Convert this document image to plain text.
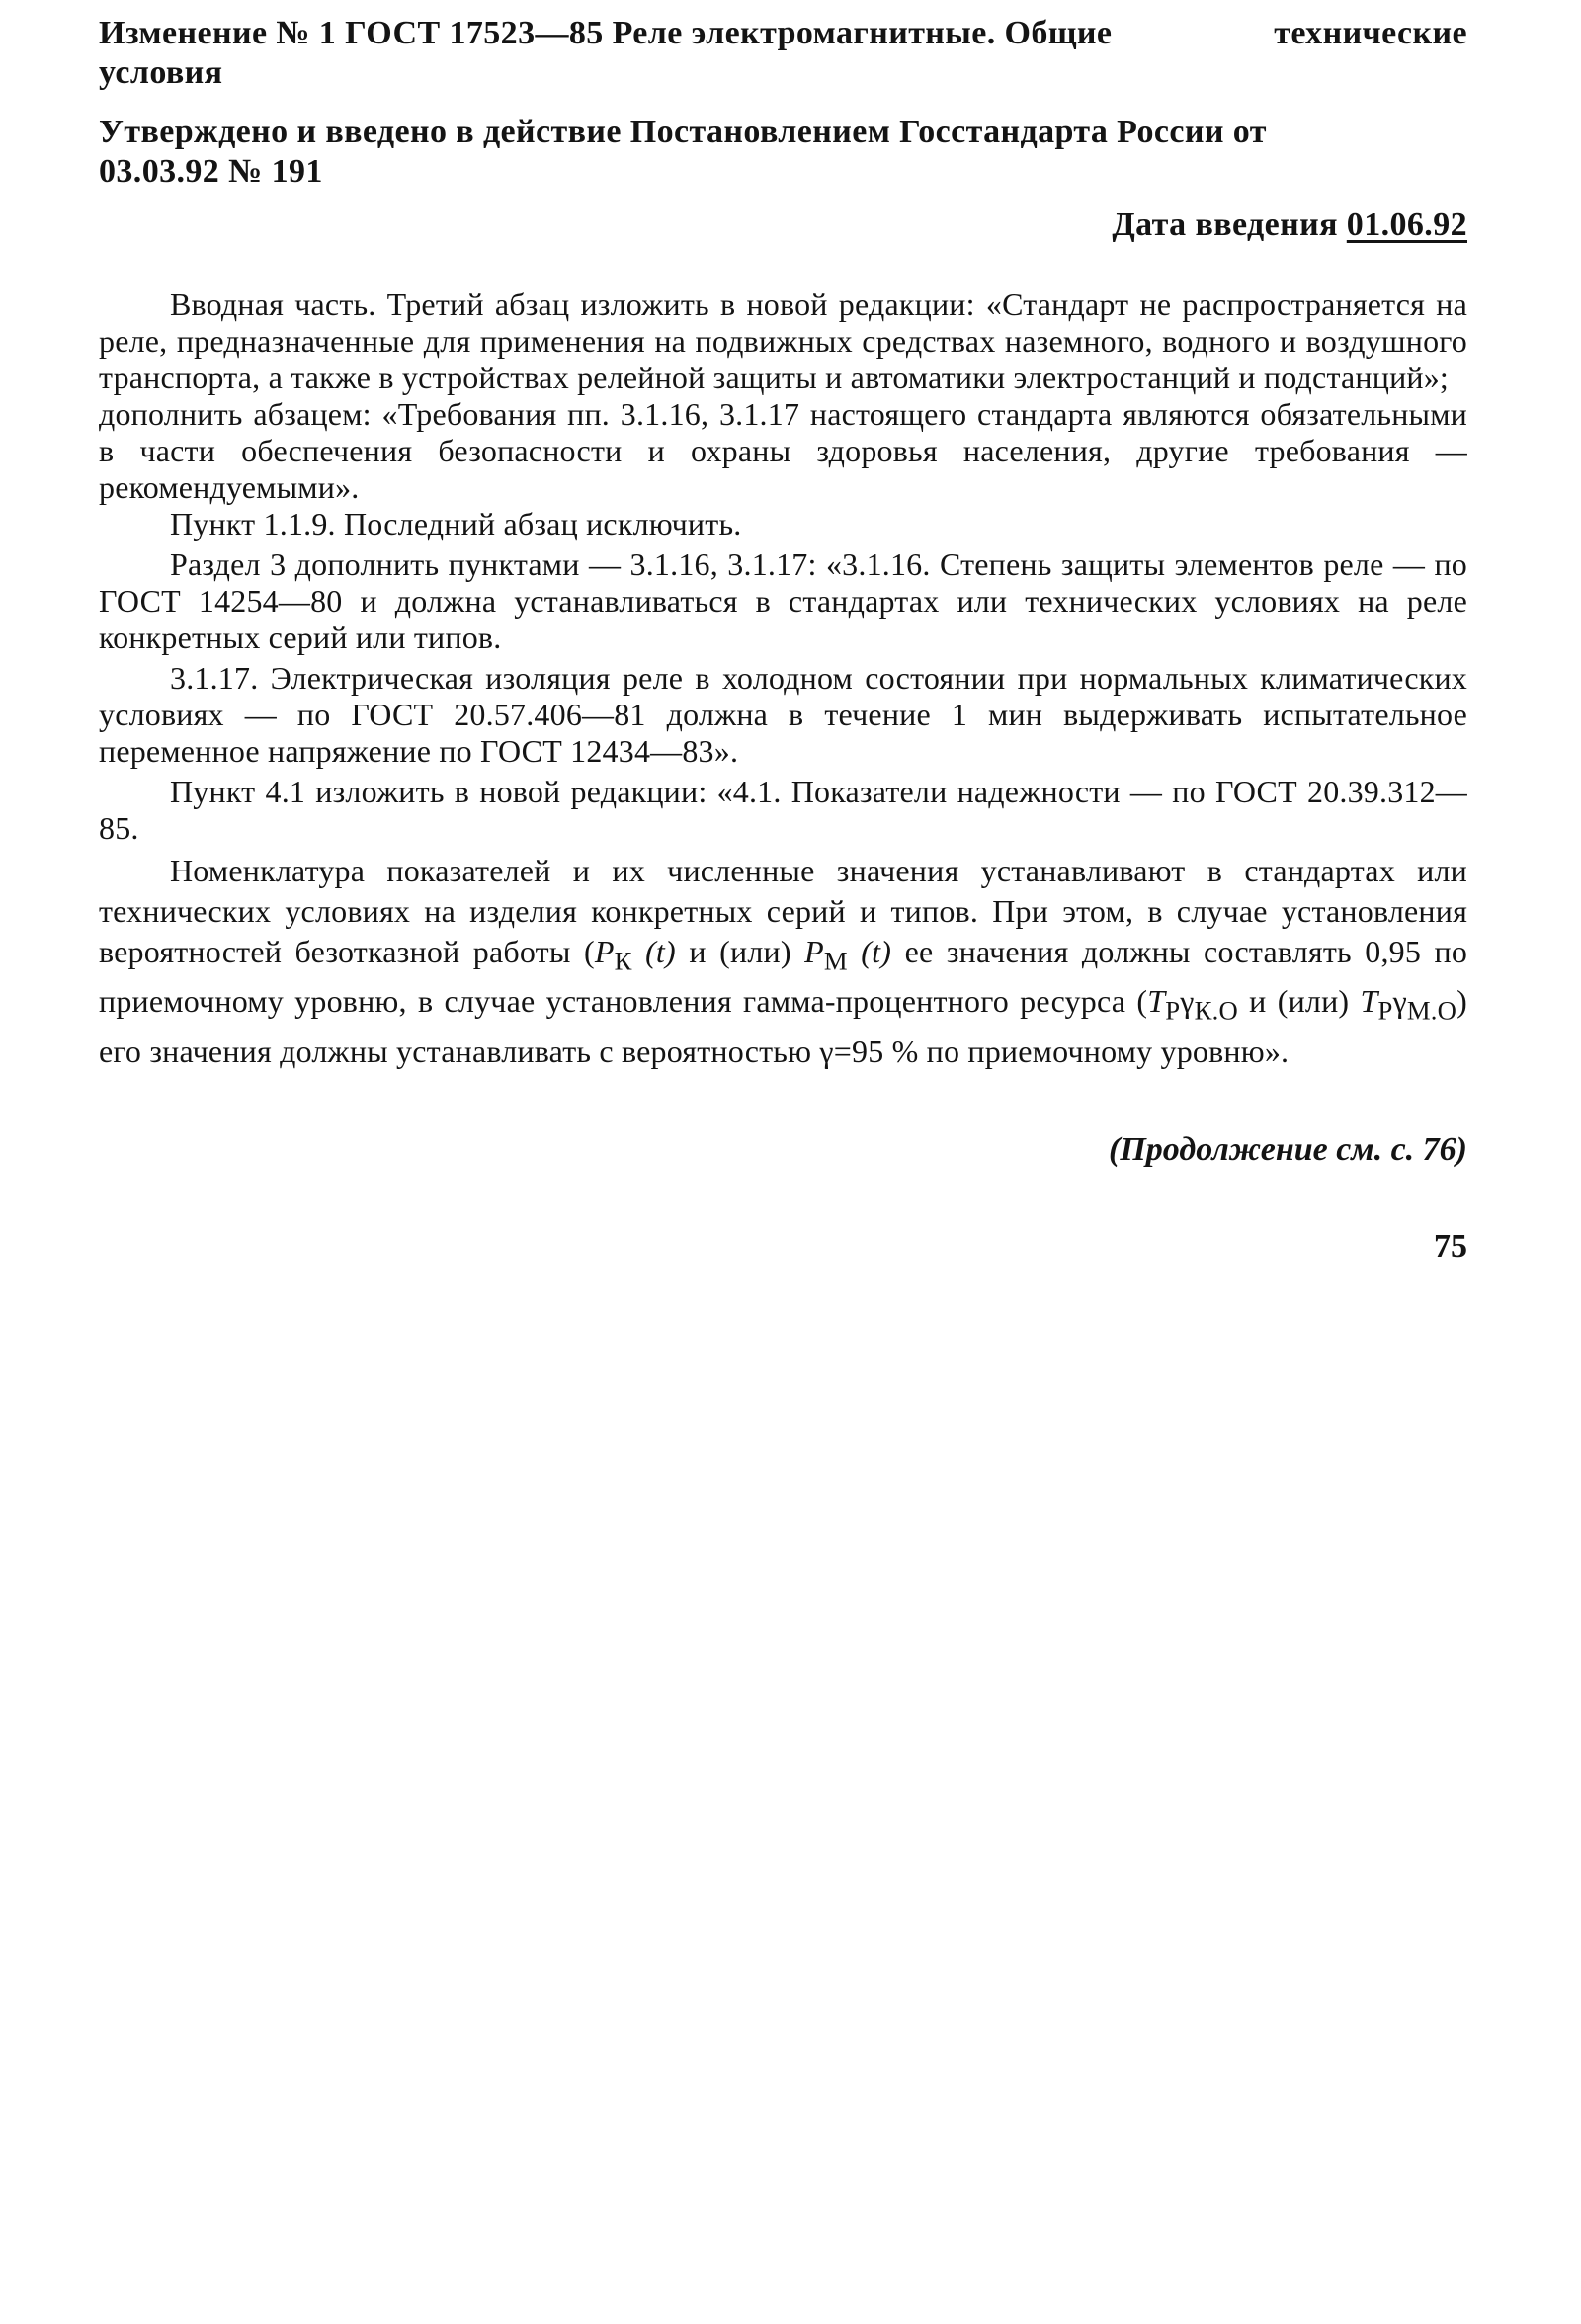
Изменение № 1 ГОСТ 17523—85 Реле электромагнитные. Общие	технические
условия
Утверждено и введено в действие Постановлением Госстандарта России от
03.03.92 № 191
Дата введения 01.06.92

Вводная часть. Третий абзац изложить в новой редакции: «Стандарт не распространяется на реле, предназначенные для применения на подвижных средствах наземного, водного и воздушного транспорта, а также в устройствах релейной защиты и автоматики электростанций и подстанций»;

дополнить абзацем: «Требования пп. 3.1.16, 3.1.17 настоящего стандарта являются обязательными в части обеспечения безопасности и охраны здоровья населения, другие требования — рекомендуемыми».

Пункт 1.1.9. Последний абзац исключить.

Раздел 3 дополнить пунктами — 3.1.16, 3.1.17: «3.1.16. Степень защиты элементов реле — по ГОСТ 14254—80 и должна устанавливаться в стандартах или технических условиях на реле конкретных серий или типов.

3.1.17. Электрическая изоляция реле в холодном состоянии при нормальных климатических условиях — по ГОСТ 20.57.406—81 должна в течение 1 мин выдерживать испытательное переменное напряжение по ГОСТ 12434—83».

Пункт 4.1 изложить в новой редакции: «4.1. Показатели надежности — по ГОСТ 20.39.312—85.

Номенклатура показателей и их численные значения устанавливают в стандартах или технических условиях на изделия конкретных серий и типов. При этом, в случае установления вероятностей безотказной работы ($Р_К$ (t) и (или) $Р_М$ (t) ее значения должны составлять 0,95 по приемочному уровню, в случае установления гамма-процентного ресурса ($Т_Р\gamma_{К.О}$ и (или) $Т_Р\gamma_{М.О}$) его значения должны устанавливать с вероятностью γ=95 % по приемочному уровню».

(Продолжение см. с. 76)
75
